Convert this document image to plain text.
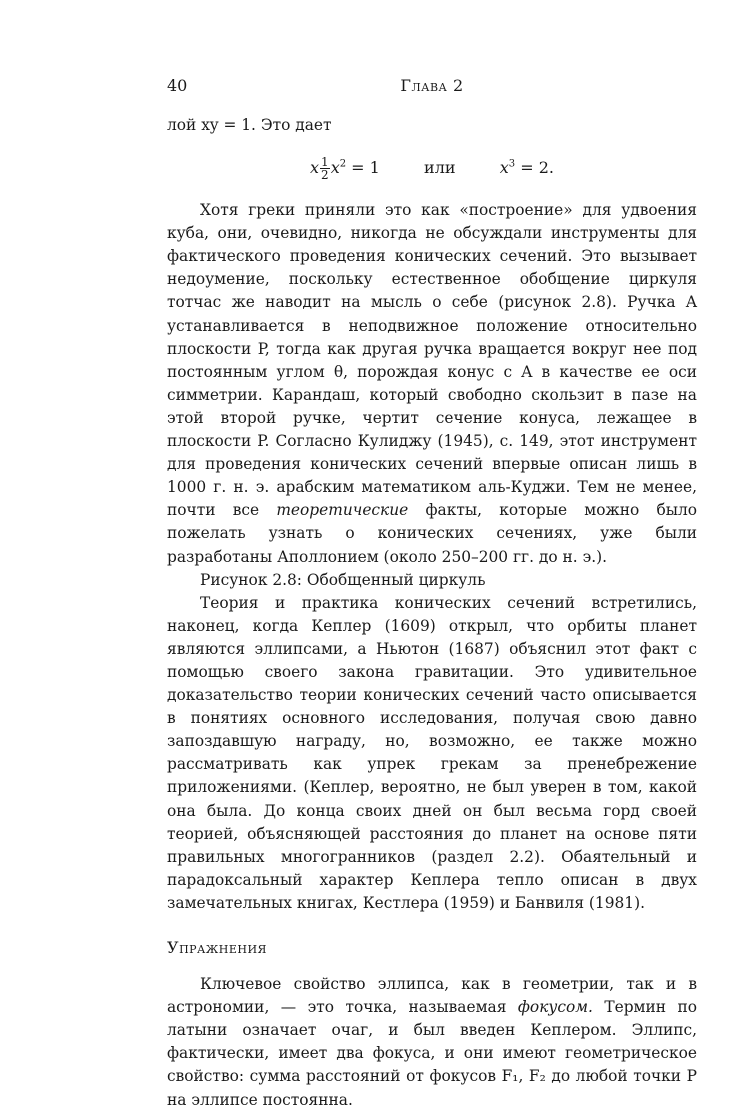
40	Глава 2

лой xy = 1. Это дает

x $\frac{1}{2} x^2 = 1$	или	$x^3 = 2$.

Хотя греки приняли это как «построение» для удвоения куба, они, очевидно, никогда не обсуждали инструменты для фактического проведения конических сечений. Это вызывает недоумение, поскольку естественное обобщение циркуля тотчас же наводит на мысль о себе (рисунок 2.8). Ручка A устанавливается в неподвижное положение относительно плоскости P, тогда как другая ручка вращается вокруг нее под постоянным углом θ, порождая конус с A в качестве ее оси симметрии. Карандаш, который свободно скользит в пазе на этой второй ручке, чертит сечение конуса, лежащее в плоскости P. Согласно Кулиджу (1945), с. 149, этот инструмент для проведения конических сечений впервые описан лишь в 1000 г. н. э. арабским математиком аль-Куджи. Тем не менее, почти все теоретические факты, которые можно было пожелать узнать о конических сечениях, уже были разработаны Аполлонием (около 250–200 гг. до н. э.).

Рисунок 2.8: Обобщенный циркуль

Теория и практика конических сечений встретились, наконец, когда Кеплер (1609) открыл, что орбиты планет являются эллипсами, а Ньютон (1687) объяснил этот факт с помощью своего закона гравитации. Это удивительное доказательство теории конических сечений часто описывается в понятиях основного исследования, получая свою давно запоздавшую награду, но, возможно, ее также можно рассматривать как упрек грекам за пренебрежение приложениями. (Кеплер, вероятно, не был уверен в том, какой она была. До конца своих дней он был весьма горд своей теорией, объясняющей расстояния до планет на основе пяти правильных многогранников (раздел 2.2). Обаятельный и парадоксальный характер Кеплера тепло описан в двух замечательных книгах, Кестлера (1959) и Банвиля (1981).

Упражнения

Ключевое свойство эллипса, как в геометрии, так и в астрономии, — это точка, называемая фокусом. Термин по латыни означает очаг, и был введен Кеплером. Эллипс, фактически, имеет два фокуса, и они имеют геометрическое свойство: сумма расстояний от фокусов F₁, F₂ до любой точки P на эллипсе постоянна.
